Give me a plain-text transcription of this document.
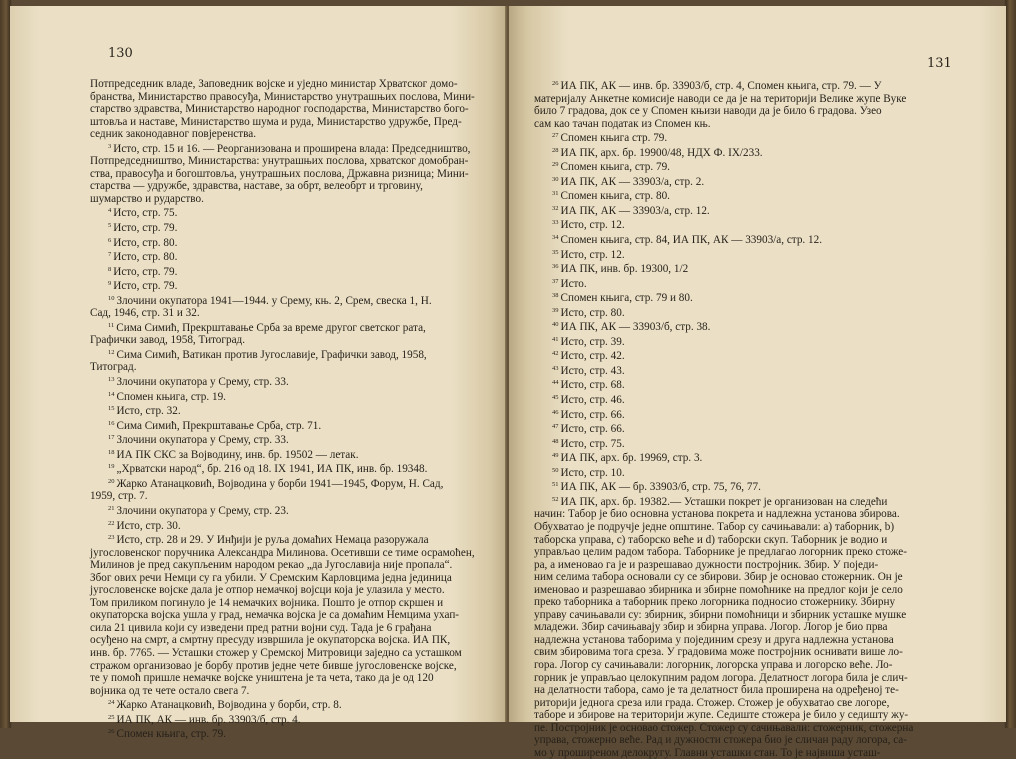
130
Потпредседник владе, Заповедник војске и уједно министар Хрватског домо-
бранства, Министарство правосуђа, Министарство унутрашњих послова, Мини-
старство здравства, Министарство народног господарства, Министарство бого-
штовља и наставе, Министарство шума и руда, Министарство удружбе, Пред-
седник законодавног повјеренства.
$^3$ Исто, стр. 15 и 16. — Реорганизована и проширена влада: Председништво,
Потпредседништво, Министарства: унутрашњих послова, хрватског домобран-
ства, правосуђа и богоштовља, унутрашњих послова, Државна ризница; Мини-
старства — удружбе, здравства, наставе, за обрт, велеобрт и трговину,
шумарство и рударство.
$^4$ Исто, стр. 75.
$^5$ Исто, стр. 79.
$^6$ Исто, стр. 80.
$^7$ Исто, стр. 80.
$^8$ Исто, стр. 79.
$^9$ Исто, стр. 79.
$^{10}$ Злочини окупатора 1941—1944. у Срему, књ. 2, Срем, свеска 1, Н.
Сад, 1946, стр. 31 и 32.
$^{11}$ Сима Симић, Прекрштавање Срба за време другог светског рата,
Графички завод, 1958, Титоград.
$^{12}$ Сима Симић, Ватикан против Југославије, Графички завод, 1958,
Титоград.
$^{13}$ Злочини окупатора у Срему, стр. 33.
$^{14}$ Спомен књига, стр. 19.
$^{15}$ Исто, стр. 32.
$^{16}$ Сима Симић, Прекрштавање Срба, стр. 71.
$^{17}$ Злочини окупатора у Срему, стр. 33.
$^{18}$ ИА ПК СКС за Војводину, инв. бр. 19502 — летак.
$^{19}$ „Хрватски народ“, бр. 216 од 18. IX 1941, ИА ПК, инв. бр. 19348.
$^{20}$ Жарко Атанацковић, Војводина у борби 1941—1945, Форум, Н. Сад,
1959, стр. 7.
$^{21}$ Злочини окупатора у Срему, стр. 23.
$^{22}$ Исто, стр. 30.
$^{23}$ Исто, стр. 28 и 29. У Инђији је руља домаћих Немаца разоружала
југословенског поручника Александра Милинова. Осетивши се тиме осрамоћен,
Милинов је пред сакупљеним народом рекао „да Југославија није пропала“.
Због ових речи Немци су га убили. У Сремским Карловцима једна јединица
југословенске војске дала је отпор немачкој војсци која је улазила у место.
Том приликом погинуло је 14 немачких војника. Пошто је отпор скршен и
окупаторска војска ушла у град, немачка војска је са домаћим Немцима ухап-
сила 21 цивила који су изведени пред ратни војни суд. Тада је 6 грађана
осуђено на смрт, а смртну пресуду извршила је окупаторска војска. ИА ПК,
инв. бр. 7765. — Усташки стожер у Сремској Митровици заједно са усташком
стражом организовао је борбу против једне чете бивше југословенске војске,
те у помоћ пришле немачке војске уништена је та чета, тако да је од 120
војника од те чете остало свега 7.
$^{24}$ Жарко Атанацковић, Војводина у борби, стр. 8.
$^{25}$ ИА ПК, АК — инв. бр. 33903/б, стр. 4.
$^{26}$ Спомен књига, стр. 79.
131
$^{26}$ ИА ПК, АК — инв. бр. 33903/б, стр. 4, Спомен књига, стр. 79. — У
материјалу Анкетне комисије наводи се да је на територији Велике жупе Вуке
било 7 градова, док се у Спомен књизи наводи да је било 6 градова. Узео
сам као тачан податак из Спомен књ.
$^{27}$ Спомен књига стр. 79.
$^{28}$ ИА ПК, арх. бр. 19900/48, НДХ Ф. IX/233.
$^{29}$ Спомен књига, стр. 79.
$^{30}$ ИА ПК, АК — 33903/а, стр. 2.
$^{31}$ Спомен књига, стр. 80.
$^{32}$ ИА ПК, АК — 33903/а, стр. 12.
$^{33}$ Исто, стр. 12.
$^{34}$ Спомен књига, стр. 84, ИА ПК, АК — 33903/а, стр. 12.
$^{35}$ Исто, стр. 12.
$^{36}$ ИА ПК, инв. бр. 19300, 1/2
$^{37}$ Исто.
$^{38}$ Спомен књига, стр. 79 и 80.
$^{39}$ Исто, стр. 80.
$^{40}$ ИА ПК, АК — 33903/б, стр. 38.
$^{41}$ Исто, стр. 39.
$^{42}$ Исто, стр. 42.
$^{43}$ Исто, стр. 43.
$^{44}$ Исто, стр. 68.
$^{45}$ Исто, стр. 46.
$^{46}$ Исто, стр. 66.
$^{47}$ Исто, стр. 66.
$^{48}$ Исто, стр. 75.
$^{49}$ ИА ПК, арх. бр. 19969, стр. 3.
$^{50}$ Исто, стр. 10.
$^{51}$ ИА ПК, АК — бр. 33903/б, стр. 75, 76, 77.
$^{52}$ ИА ПК, арх. бр. 19382.— Усташки покрет је организован на следећи
начин: Табор је био основна установа покрета и надлежна установа збирова.
Обухватао је подручје једне општине. Табор су сачињавали: а) таборник, b)
таборска управа, c) таборско веће и d) таборски скуп. Таборник је водио и
управљао целим радом табора. Таборнике је предлагао логорник преко стоже-
ра, а именовао га је и разрешавао дужности постројник. Збир. У поједи-
ним селима табора основали су се збирови. Збир је основао стожерник. Он је
именовао и разрешавао збирника и збирне помоћнике на предлог који је село
преко таборника а таборник преко логорника подносио стожернику. Збирну
управу сачињавали су: збирник, збирни помоћници и збирник усташке мушке
младежи. Збир сачињавају збир и збирна управа. Логор. Логор је био прва
надлежна установа таборима у појединим срезу и друга надлежна установа
свим збировима тога среза. У градовима може постројник оснивати више ло-
гора. Логор су сачињавали: логорник, логорска управа и логорско веће. Ло-
горник је управљао целокупним радом логора. Делатност логора била је слич-
на делатности табора, само је та делатност била проширена на одређеној те-
риторији једнога среза или града. Стожер. Стожер је обухватао све логоре,
таборе и збирове на територији жупе. Седиште стожера је било у седишту жу-
пе. Постројник је основао стожер. Стожер су сачињавали: стожерник, стожерна
управа, стожерно веће. Рад и дужности стожера био је сличан раду логора, са-
мо у проширеном делокругу. Главни усташки стан. То је највиша усташ-
